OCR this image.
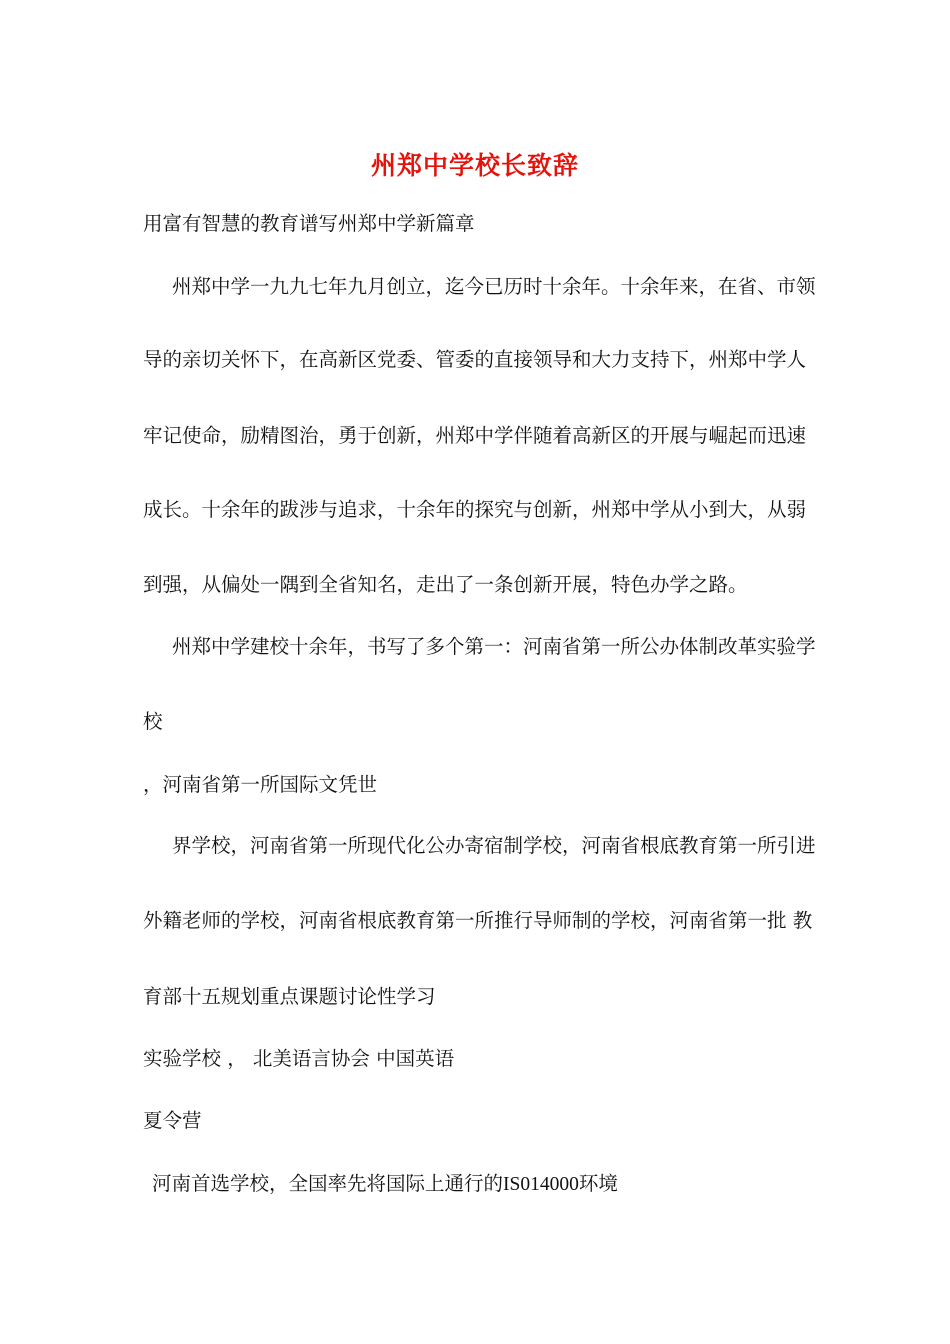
州郑中学校长致辞
用富有智慧的教育谱写州郑中学新篇章
州郑中学一九九七年九月创立，迄今已历时十余年。十余年来，在省、市领
导的亲切关怀下，在高新区党委、管委的直接领导和大力支持下，州郑中学人
牢记使命，励精图治，勇于创新，州郑中学伴随着高新区的开展与崛起而迅速
成长。十余年的跋涉与追求，十余年的探究与创新，州郑中学从小到大，从弱
到强，从偏处一隅到全省知名，走出了一条创新开展，特色办学之路。
州郑中学建校十余年，书写了多个第一：河南省第一所公办体制改革实验学
校
，河南省第一所国际文凭世
界学校，河南省第一所现代化公办寄宿制学校，河南省根底教育第一所引进
外籍老师的学校，河南省根底教育第一所推行导师制的学校，河南省第一批 教
育部十五规划重点课题讨论性学习
实验学校 ， 北美语言协会 中国英语
夏令营
河南首选学校，全国率先将国际上通行的IS014000环境
